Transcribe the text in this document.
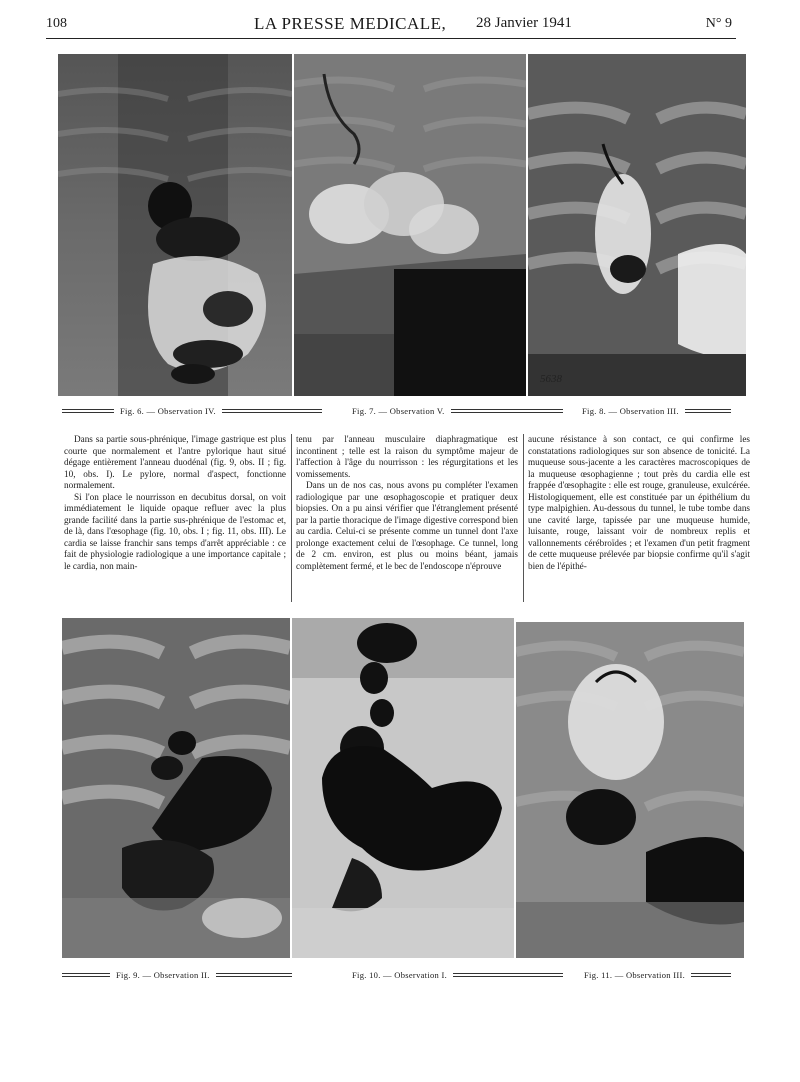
108	LA PRESSE MEDICALE, 28 Janvier 1941	N° 9
5638
Fig. 6. — Observation IV.	Fig. 7. — Observation V.	Fig. 8. — Observation III.

Dans sa partie sous-phrénique, l'image gastrique est plus courte que normalement et l'antre pylorique haut situé dégage entièrement l'anneau duodénal (fig. 9, obs. II ; fig. 10, obs. I). Le pylore, normal d'aspect, fonctionne normalement.

Si l'on place le nourrisson en decubitus dorsal, on voit immédiatement le liquide opaque refluer avec la plus grande facilité dans la partie sus-phrénique de l'estomac et, de là, dans l'œsophage (fig. 10, obs. I ; fig. 11, obs. III). Le cardia se laisse franchir sans temps d'arrêt appréciable : ce fait de physiologie radiologique a une importance capitale ; le cardia, non main-

tenu par l'anneau musculaire diaphragmatique est incontinent ; telle est la raison du symptôme majeur de l'affection à l'âge du nourrisson : les régurgitations et les vomissements.

Dans un de nos cas, nous avons pu compléter l'examen radiologique par une œsophagoscopie et pratiquer deux biopsies. On a pu ainsi vérifier que l'étranglement présenté par la partie thoracique de l'image digestive correspond bien au cardia. Celui-ci se présente comme un tunnel dont l'axe prolonge exactement celui de l'œsophage. Ce tunnel, long de 2 cm. environ, est plus ou moins béant, jamais complètement fermé, et le bec de l'endoscope n'éprouve

aucune résistance à son contact, ce qui confirme les constatations radiologiques sur son absence de tonicité. La muqueuse sous-jacente a les caractères macroscopiques de la muqueuse œsophagienne ; tout près du cardia elle est frappée d'œsophagite : elle est rouge, granuleuse, exulcérée. Histologiquement, elle est constituée par un épithélium du type malpighien. Au-dessous du tunnel, le tube tombe dans une cavité large, tapissée par une muqueuse humide, luisante, rouge, laissant voir de nombreux replis et vallonnements cérébroïdes ; et l'examen d'un petit fragment de cette muqueuse prélevée par biopsie confirme qu'il s'agit bien de l'épithé-

Fig. 9. — Observation II.	Fig. 10. — Observation I.	Fig. 11. — Observation III.
